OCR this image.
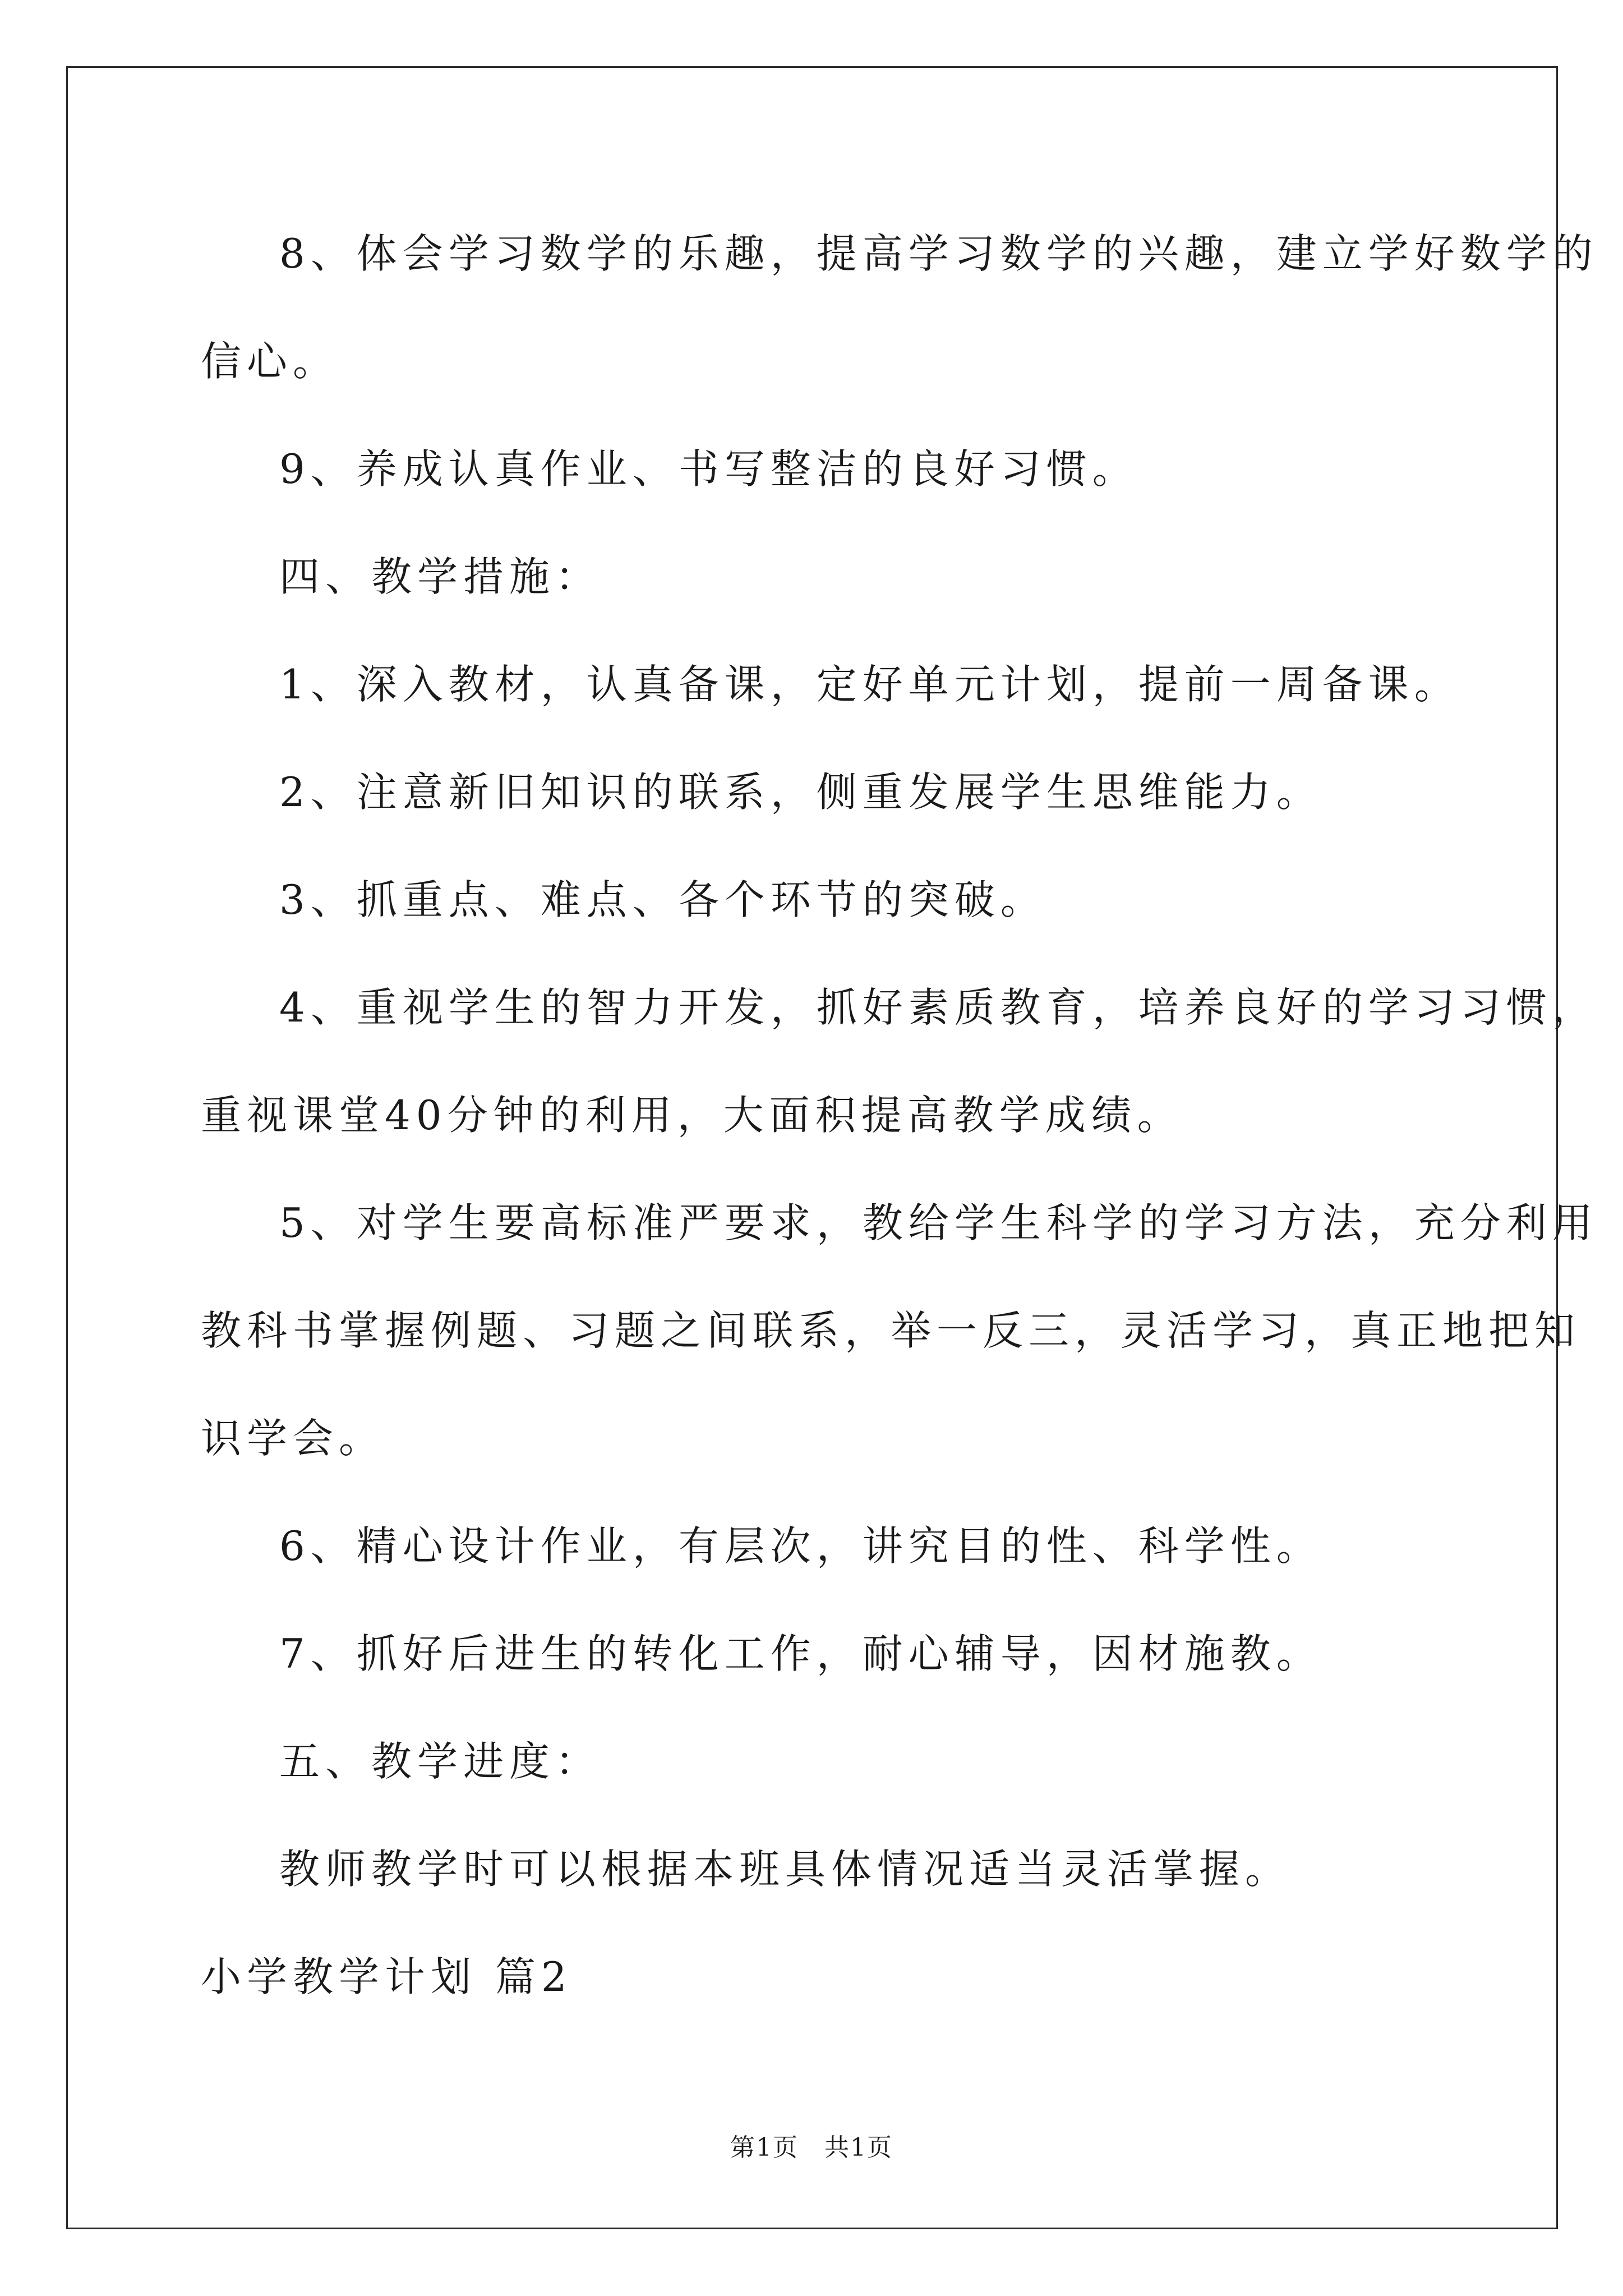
8、体会学习数学的乐趣，提高学习数学的兴趣，建立学好数学的
信心。
9、养成认真作业、书写整洁的良好习惯。
四、教学措施：
1、深入教材，认真备课，定好单元计划，提前一周备课。
2、注意新旧知识的联系，侧重发展学生思维能力。
3、抓重点、难点、各个环节的突破。
4、重视学生的智力开发，抓好素质教育，培养良好的学习习惯，
重视课堂40分钟的利用，大面积提高教学成绩。
5、对学生要高标准严要求，教给学生科学的学习方法，充分利用
教科书掌握例题、习题之间联系，举一反三，灵活学习，真正地把知
识学会。
6、精心设计作业，有层次，讲究目的性、科学性。
7、抓好后进生的转化工作，耐心辅导，因材施教。
五、教学进度：
教师教学时可以根据本班具体情况适当灵活掌握。
小学教学计划 篇2
第1页　共1页
